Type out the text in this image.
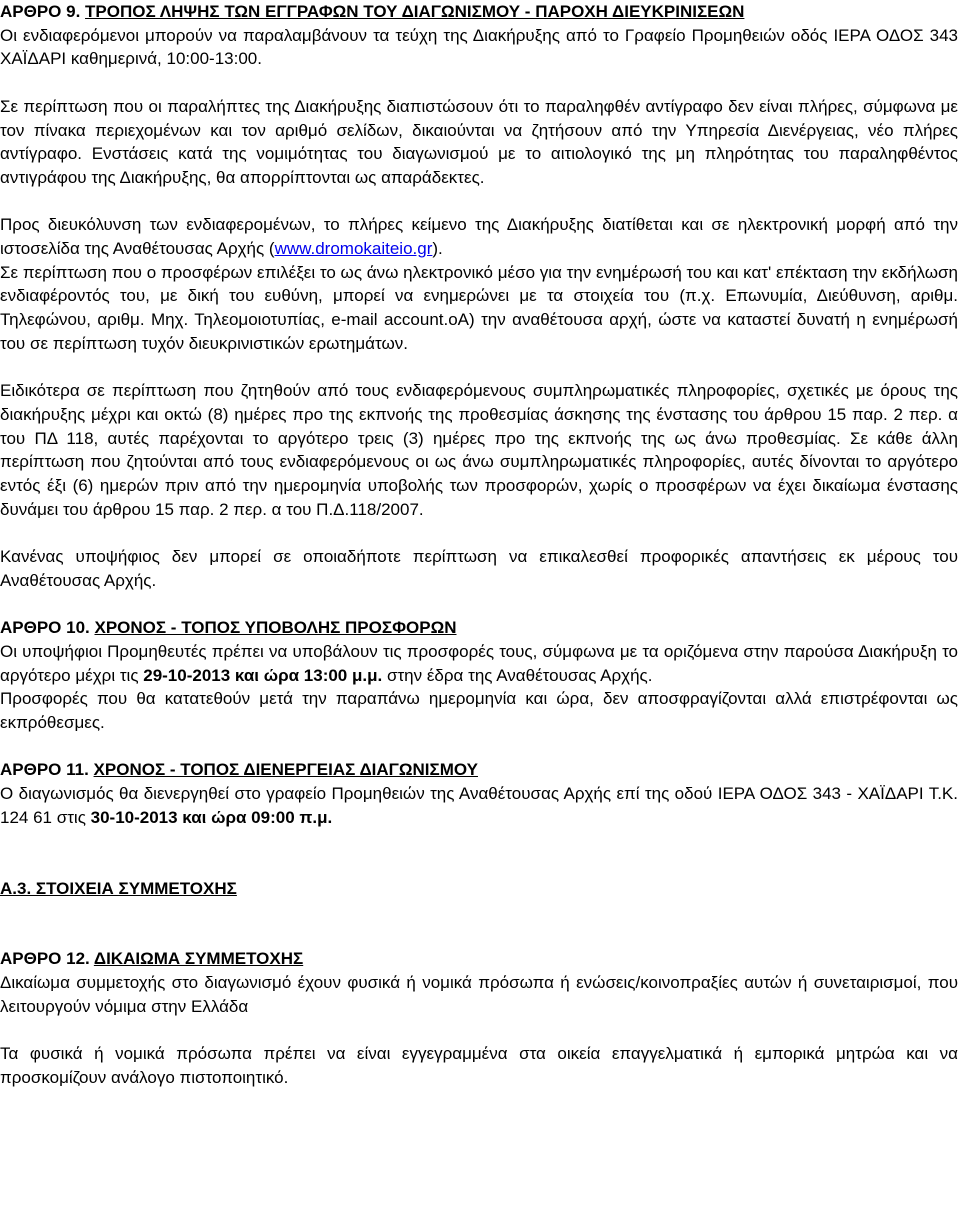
ΑΡΘΡΟ 9. ΤΡΟΠΟΣ ΛΗΨΗΣ ΤΩΝ ΕΓΓΡΑΦΩΝ ΤΟΥ ΔΙΑΓΩΝΙΣΜΟΥ - ΠΑΡΟΧΗ ΔΙΕΥΚΡΙΝΙΣΕΩΝ

Οι ενδιαφερόμενοι μπορούν να παραλαμβάνουν τα τεύχη της Διακήρυξης από το Γραφείο Προμηθειών οδός ΙΕΡΑ ΟΔΟΣ 343 ΧΑΪΔΑΡΙ καθημερινά, 10:00-13:00.

Σε περίπτωση που οι παραλήπτες της Διακήρυξης διαπιστώσουν ότι το παραληφθέν αντίγραφο δεν είναι πλήρες, σύμφωνα με τον πίνακα περιεχομένων και τον αριθμό σελίδων, δικαιούνται να ζητήσουν από την Υπηρεσία Διενέργειας, νέο πλήρες αντίγραφο. Ενστάσεις κατά της νομιμότητας του διαγωνισμού με το αιτιολογικό της μη πληρότητας του παραληφθέντος αντιγράφου της Διακήρυξης, θα απορρίπτονται ως απαράδεκτες.

Προς διευκόλυνση των ενδιαφερομένων, το πλήρες κείμενο της Διακήρυξης διατίθεται και σε ηλεκτρονική μορφή από την ιστοσελίδα της Αναθέτουσας Αρχής (www.dromokaiteio.gr).

Σε περίπτωση που ο προσφέρων επιλέξει το ως άνω ηλεκτρονικό μέσο για την ενημέρωσή του και κατ' επέκταση την εκδήλωση ενδιαφέροντός του, με δική του ευθύνη, μπορεί να ενημερώνει με τα στοιχεία του (π.χ. Επωνυμία, Διεύθυνση, αριθμ. Τηλεφώνου, αριθμ. Μηχ. Τηλεομοιοτυπίας, e-mail account.oA) την αναθέτουσα αρχή, ώστε να καταστεί δυνατή η ενημέρωσή του σε περίπτωση τυχόν διευκρινιστικών ερωτημάτων.

Ειδικότερα σε περίπτωση που ζητηθούν από τους ενδιαφερόμενους συμπληρωματικές πληροφορίες, σχετικές με όρους της διακήρυξης μέχρι και οκτώ (8) ημέρες προ της εκπνοής της προθεσμίας άσκησης της ένστασης του άρθρου 15 παρ. 2 περ. α του ΠΔ 118, αυτές παρέχονται το αργότερο τρεις (3) ημέρες προ της εκπνοής της ως άνω προθεσμίας. Σε κάθε άλλη περίπτωση που ζητούνται από τους ενδιαφερόμενους οι ως άνω συμπληρωματικές πληροφορίες, αυτές δίνονται το αργότερο εντός έξι (6) ημερών πριν από την ημερομηνία υποβολής των προσφορών, χωρίς ο προσφέρων να έχει δικαίωμα ένστασης δυνάμει του άρθρου 15 παρ. 2 περ. α του Π.Δ.118/2007.

Κανένας υποψήφιος δεν μπορεί σε οποιαδήποτε περίπτωση να επικαλεσθεί προφορικές απαντήσεις εκ μέρους του Αναθέτουσας Αρχής.

ΑΡΘΡΟ 10. ΧΡΟΝΟΣ - ΤΟΠΟΣ ΥΠΟΒΟΛΗΣ ΠΡΟΣΦΟΡΩΝ

Οι υποψήφιοι Προμηθευτές πρέπει να υποβάλουν τις προσφορές τους, σύμφωνα με τα οριζόμενα στην παρούσα Διακήρυξη το αργότερο μέχρι τις 29-10-2013 και ώρα 13:00 μ.μ. στην έδρα της Αναθέτουσας Αρχής.

Προσφορές που θα κατατεθούν μετά την παραπάνω ημερομηνία και ώρα, δεν αποσφραγίζονται αλλά επιστρέφονται ως εκπρόθεσμες.

ΑΡΘΡΟ 11. ΧΡΟΝΟΣ - ΤΟΠΟΣ ΔΙΕΝΕΡΓΕΙΑΣ ΔΙΑΓΩΝΙΣΜΟΥ

Ο διαγωνισμός θα διενεργηθεί στο γραφείο Προμηθειών της Αναθέτουσας Αρχής επί της οδού ΙΕΡΑ ΟΔΟΣ 343 - ΧΑΪΔΑΡΙ Τ.Κ. 124 61 στις 30-10-2013 και ώρα 09:00 π.μ.

Α.3. ΣΤΟΙΧΕΙΑ ΣΥΜΜΕΤΟΧΗΣ
ΑΡΘΡΟ 12. ΔΙΚΑΙΩΜΑ ΣΥΜΜΕΤΟΧΗΣ

Δικαίωμα συμμετοχής στο διαγωνισμό έχουν φυσικά ή νομικά πρόσωπα ή ενώσεις/κοινοπραξίες αυτών ή συνεταιρισμοί, που λειτουργούν νόμιμα στην Ελλάδα

Τα φυσικά ή νομικά πρόσωπα πρέπει να είναι εγγεγραμμένα στα οικεία επαγγελματικά ή εμπορικά μητρώα και να προσκομίζουν ανάλογο πιστοποιητικό.
